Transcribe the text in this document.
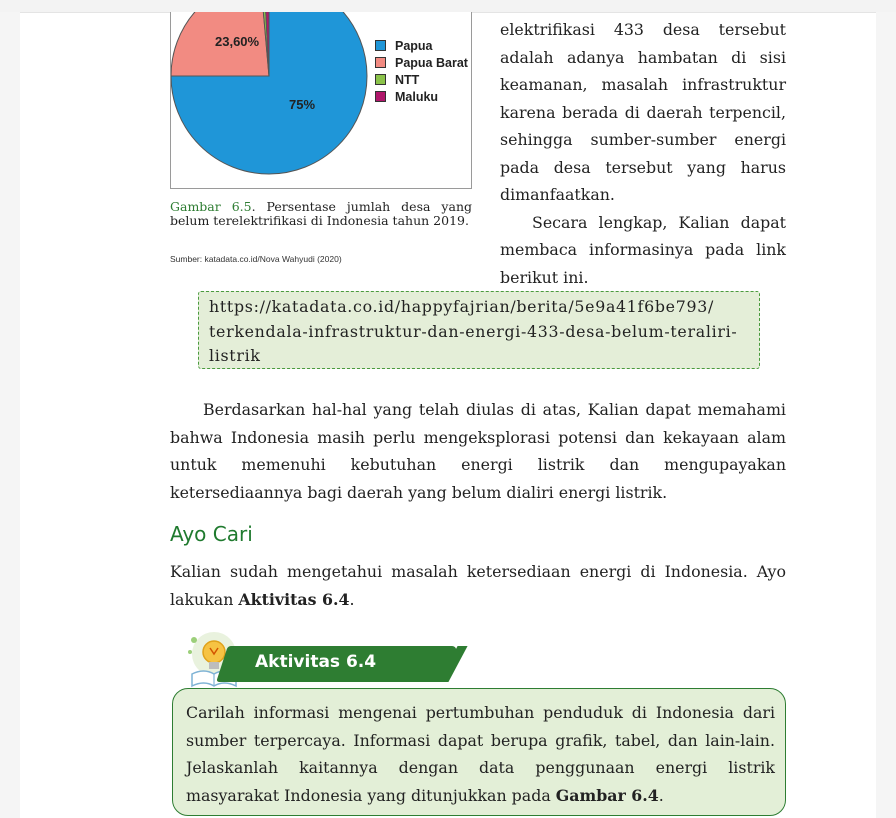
23,60%
75%
Papua
Papua Barat
NTT
Maluku
Gambar 6.5. Persentase jumlah desa yang belum terelektrifikasi di Indonesia tahun 2019.
Sumber: katadata.co.id/Nova Wahyudi (2020)

elektrifikasi 433 desa tersebut adalah adanya hambatan di sisi keamanan, masalah infrastruktur karena berada di daerah terpencil, sehingga sumber-sumber energi pada desa tersebut yang harus dimanfaatkan.

Secara lengkap, Kalian dapat membaca informasinya pada link berikut ini.

https://katadata.co.id/happyfajrian/berita/5e9a41f6be793/
terkendala-infrastruktur-dan-energi-433-desa-belum-teraliri-
listrik

Berdasarkan hal-hal yang telah diulas di atas, Kalian dapat memahami bahwa Indonesia masih perlu mengeksplorasi potensi dan kekayaan alam untuk memenuhi kebutuhan energi listrik dan mengupayakan ketersediaannya bagi daerah yang belum dialiri energi listrik.

Ayo Cari

Kalian sudah mengetahui masalah ketersediaan energi di Indonesia. Ayo lakukan Aktivitas 6.4.

Aktivitas 6.4
Carilah informasi mengenai pertumbuhan penduduk di Indonesia dari sumber terpercaya. Informasi dapat berupa grafik, tabel, dan lain-lain. Jelaskanlah kaitannya dengan data penggunaan energi listrik masyarakat Indonesia yang ditunjukkan pada Gambar 6.4.
